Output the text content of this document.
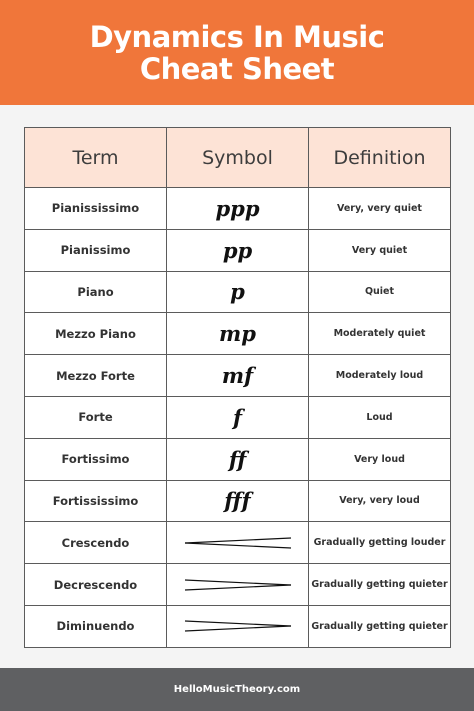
Dynamics In Music
Cheat Sheet
Term	Symbol	Definition
Pianississimo	ppp	Very, very quiet
Pianissimo	pp	Very quiet
Piano	p	Quiet
Mezzo Piano	mp	Moderately quiet
Mezzo Forte	mf	Moderately loud
Forte	f	Loud
Fortissimo	ff	Very loud
Fortississimo	fff	Very, very loud
Crescendo		Gradually getting louder
Decrescendo		Gradually getting quieter
Diminuendo		Gradually getting quieter
HelloMusicTheory.com
